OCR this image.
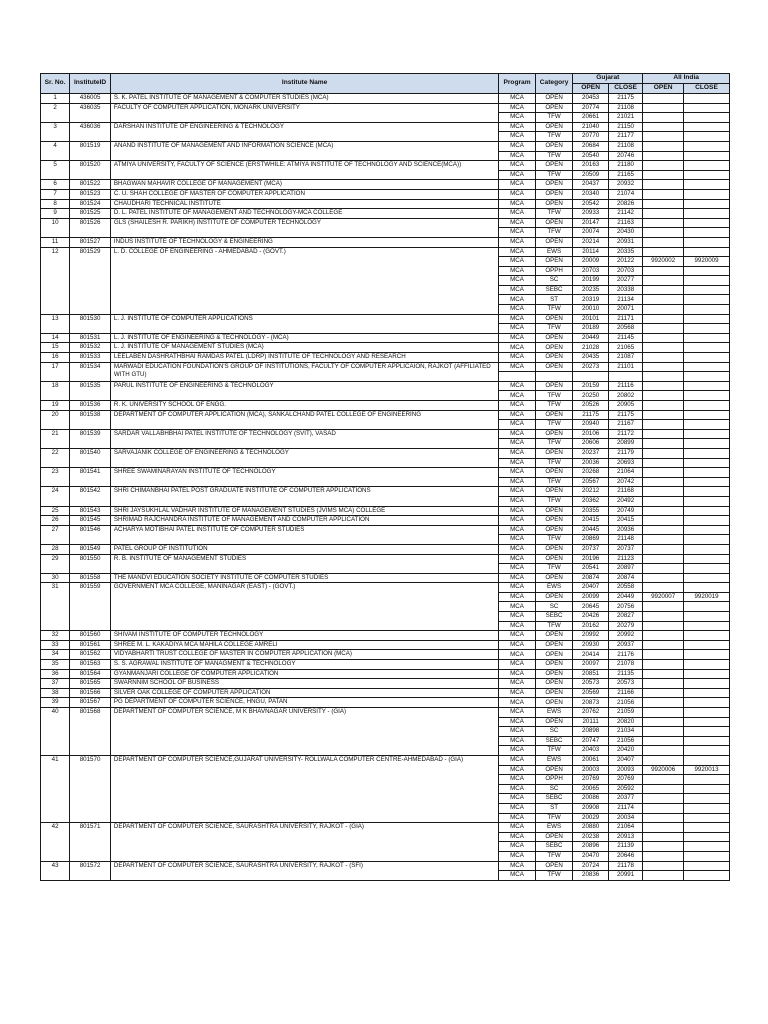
Sr. No.	InstituteID	Institute Name	Program	Category	Gujarat		All India	
					OPEN	CLOSE	OPEN	CLOSE
1	436005	S. K. PATEL INSTITUTE OF MANAGEMENT & COMPUTER STUDIES (MCA)	MCA	OPEN	20453	21175		
2	436035	FACULTY OF COMPUTER APPLICATION, MONARK UNIVERSITY	MCA	OPEN	20774	21108		
			MCA	TFW	20661	21021		
3	436036	DARSHAN INSTITUTE OF ENGINEERING & TECHNOLOGY	MCA	OPEN	21040	21150		
			MCA	TFW	20770	21177		
4	801519	ANAND INSTITUTE OF MANAGEMENT AND INFORMATION SCIENCE (MCA)	MCA	OPEN	20684	21108		
			MCA	TFW	20540	20746		
5	801520	ATMIYA UNIVERSITY, FACULTY OF SCIENCE (ERSTWHILE: ATMIYA INSTITUTE OF TECHNOLOGY AND SCIENCE(MCA))	MCA	OPEN	20163	21180		
			MCA	TFW	20509	21165		
6	801522	BHAGWAN MAHAVIR COLLEGE OF MANAGEMENT (MCA)	MCA	OPEN	20437	20932		
7	801523	C. U. SHAH COLLEGE OF MASTER OF COMPUTER APPLICATION	MCA	OPEN	20340	21074		
8	801524	CHAUDHARI TECHNICAL INSTITUTE	MCA	OPEN	20542	20826		
9	801525	D. L. PATEL INSTITUTE OF MANAGEMENT AND TECHNOLOGY-MCA COLLEGE	MCA	TFW	20933	21142		
10	801526	GLS (SHAILESH R. PARIKH) INSTITUTE OF COMPUTER TECHNOLOGY	MCA	OPEN	20147	21163		
			MCA	TFW	20074	20430		
11	801527	INDUS INSTITUTE OF TECHNOLOGY & ENGINEERING	MCA	OPEN	20214	20931		
12	801529	L. D. COLLEGE OF ENGINEERING - AHMEDABAD - (GOVT.)	MCA	EWS	20114	20335		
			MCA	OPEN	20009	20122	9920002	9920009
			MCA	OPPH	20703	20703		
			MCA	SC	20199	20277		
			MCA	SEBC	20235	20338		
			MCA	ST	20319	21134		
			MCA	TFW	20010	20071		
13	801530	L. J. INSTITUTE OF COMPUTER APPLICATIONS	MCA	OPEN	20101	21171		
			MCA	TFW	20189	20568		
14	801531	L. J. INSTITUTE OF ENGINEERING & TECHNOLOGY - (MCA)	MCA	OPEN	20449	21145		
15	801532	L. J. INSTITUTE OF MANAGEMENT STUDIES (MCA)	MCA	OPEN	21028	21065		
16	801533	LEELABEN DASHRATHBHAI RAMDAS PATEL (LDRP) INSTITUTE OF TECHNOLOGY AND RESEARCH	MCA	OPEN	20435	21087		
17	801534	MARWADI EDUCATION FOUNDATION'S GROUP OF INSTITUTIONS, FACULTY OF COMPUTER APPLICAION, RAJKOT (AFFILIATED WITH GTU)	MCA	OPEN	20273	21101		

18	801535	PARUL INSTITUTE OF ENGINEERING & TECHNOLOGY	MCA	OPEN	20159	21116		
			MCA	TFW	20250	20802		
19	801536	R. K. UNIVERSITY SCHOOL OF ENGG.	MCA	TFW	20526	20905		
20	801538	DEPARTMENT OF COMPUTER APPLICATION (MCA), SANKALCHAND PATEL COLLEGE OF ENGINEERING	MCA	OPEN	21175	21175		
			MCA	TFW	20940	21167		
21	801539	SARDAR VALLABHBHAI PATEL INSTITUTE OF TECHNOLOGY (SVIT), VASAD	MCA	OPEN	20106	21172		
			MCA	TFW	20606	20899		
22	801540	SARVAJANIK COLLEGE OF ENGINEERING & TECHNOLOGY	MCA	OPEN	20237	21179		
			MCA	TFW	20036	20693		
23	801541	SHREE SWAMINARAYAN INSTITUTE OF TECHNOLOGY	MCA	OPEN	20268	21064		
			MCA	TFW	20567	20742		
24	801542	SHRI CHIMANBHAI PATEL POST GRADUATE INSTITUTE OF COMPUTER APPLICATIONS	MCA	OPEN	20212	21168		
			MCA	TFW	20362	20492		
25	801543	SHRI JAYSUKHLAL VADHAR INSTITUTE OF MANAGEMENT STUDIES (JVIMS MCA) COLLEGE	MCA	OPEN	20355	20749		
26	801545	SHRIMAD RAJCHANDRA INSTITUTE OF MANAGEMENT AND COMPUTER APPLICATION	MCA	OPEN	20415	20415		
27	801546	ACHARYA MOTIBHAI PATEL INSTITUTE OF COMPUTER STUDIES	MCA	OPEN	20445	20936		
			MCA	TFW	20869	21148		
28	801549	PATEL GROUP OF INSTITUTION	MCA	OPEN	20737	20737		
29	801550	R. B. INSTITUTE OF MANAGEMENT STUDIES	MCA	OPEN	20196	21123		
			MCA	TFW	20541	20897		
30	801558	THE MANDVI EDUCATION SOCIETY INSTITUTE OF COMPUTER STUDIES	MCA	OPEN	20874	20874		
31	801559	GOVERNMENT MCA COLLEGE, MANINAGAR (EAST) - (GOVT.)	MCA	EWS	20407	20558		
			MCA	OPEN	20099	20449	9920007	9920019
			MCA	SC	20645	20756		
			MCA	SEBC	20426	20827		
			MCA	TFW	20162	20279		
32	801560	SHIVAM INSTITUTE OF COMPUTER TECHNOLOGY	MCA	OPEN	20992	20992		
33	801561	SHREE M. L. KAKADIYA MCA MAHILA COLLEGE AMRELI	MCA	OPEN	20930	20937		
34	801562	VIDYABHARTI TRUST COLLEGE OF MASTER IN COMPUTER APPLICATION (MCA)	MCA	OPEN	20414	21176		
35	801563	S. S. AGRAWAL INSTITUTE OF MANAGMENT & TECHNOLOGY	MCA	OPEN	20097	21078		
36	801564	GYANMANJARI COLLEGE OF COMPUTER APPLICATION	MCA	OPEN	20851	21135		
37	801565	SWARNNIM SCHOOL OF BUSINESS	MCA	OPEN	20573	20573		
38	801566	SILVER OAK COLLEGE OF COMPUTER APPLICATION	MCA	OPEN	20569	21166		
39	801567	PG DEPARTMENT OF COMPUTER SCIENCE, HNGU, PATAN	MCA	OPEN	20873	21056		
40	801568	DEPARTMENT OF COMPUTER SCIENCE, M K BHAVNAGAR UNIVERSITY - (GIA)	MCA	EWS	20762	21059		
			MCA	OPEN	20111	20820		
			MCA	SC	20898	21034		
			MCA	SEBC	20747	21056		
			MCA	TFW	20403	20420		
41	801570	DEPARTMENT OF COMPUTER SCIENCE,GUJARAT UNIVERSITY- ROLLWALA COMPUTER CENTRE-AHMEDABAD - (GIA)	MCA	EWS	20061	20407		
			MCA	OPEN	20003	20093	9920006	9920013
			MCA	OPPH	20769	20769		
			MCA	SC	20065	20592		
			MCA	SEBC	20086	20377		
			MCA	ST	20908	21174		
			MCA	TFW	20029	20034		
42	801571	DEPARTMENT OF COMPUTER SCIENCE, SAURASHTRA UNIVERSITY, RAJKOT - (GIA)	MCA	EWS	20880	21064		
			MCA	OPEN	20238	20913		
			MCA	SEBC	20896	21139		
			MCA	TFW	20470	20646		
43	801572	DEPARTMENT OF COMPUTER SCIENCE, SAURASHTRA UNIVERSITY, RAJKOT - (SFI)	MCA	OPEN	20724	21178		
			MCA	TFW	20836	20991		
